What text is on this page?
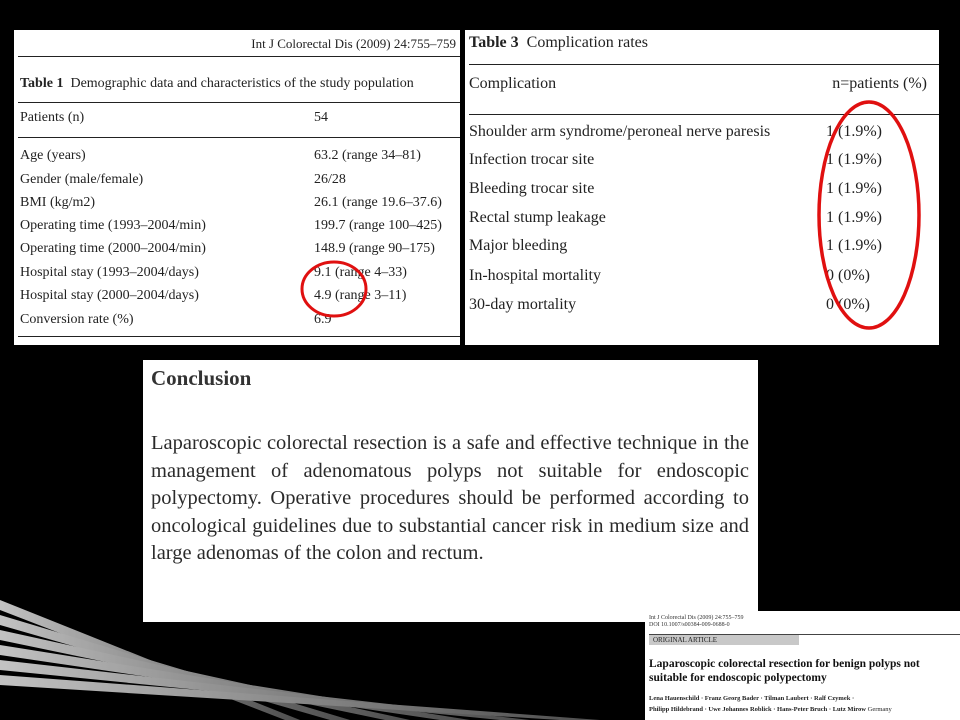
Int J Colorectal Dis (2009) 24:755–759
Table 1 Demographic data and characteristics of the study population
Patients (n)	54
Age (years)	63.2 (range 34–81)
Gender (male/female)	26/28
BMI (kg/m2)	26.1 (range 19.6–37.6)
Operating time (1993–2004/min)	199.7 (range 100–425)
Operating time (2000–2004/min)	148.9 (range 90–175)
Hospital stay (1993–2004/days)	9.1 (range 4–33)
Hospital stay (2000–2004/days)	4.9 (range 3–11)
Conversion rate (%)	6.9
Table 3 Complication rates
Complication	n=patients (%)
Shoulder arm syndrome/peroneal nerve paresis	1 (1.9%)
Infection trocar site	1 (1.9%)
Bleeding trocar site	1 (1.9%)
Rectal stump leakage	1 (1.9%)
Major bleeding	1 (1.9%)
In-hospital mortality	0 (0%)
30-day mortality	0 (0%)
Conclusion

Laparoscopic colorectal resection is a safe and effective technique in the management of adenomatous polyps not suitable for endoscopic polypectomy. Operative procedures should be performed according to oncological guidelines due to substantial cancer risk in medium size and large adenomas of the colon and rectum.

Int J Colorectal Dis (2009) 24:755–759
DOI 10.1007/s00384-009-0688-0
ORIGINAL ARTICLE
Laparoscopic colorectal resection for benign polyps not suitable for endoscopic polypectomy
Lena Hauenschild · Franz Georg Bader · Tilman Laubert · Ralf Czymek ·
Philipp Hildebrand · Uwe Johannes Roblick · Hans-Peter Bruch · Lutz Mirow Germany
